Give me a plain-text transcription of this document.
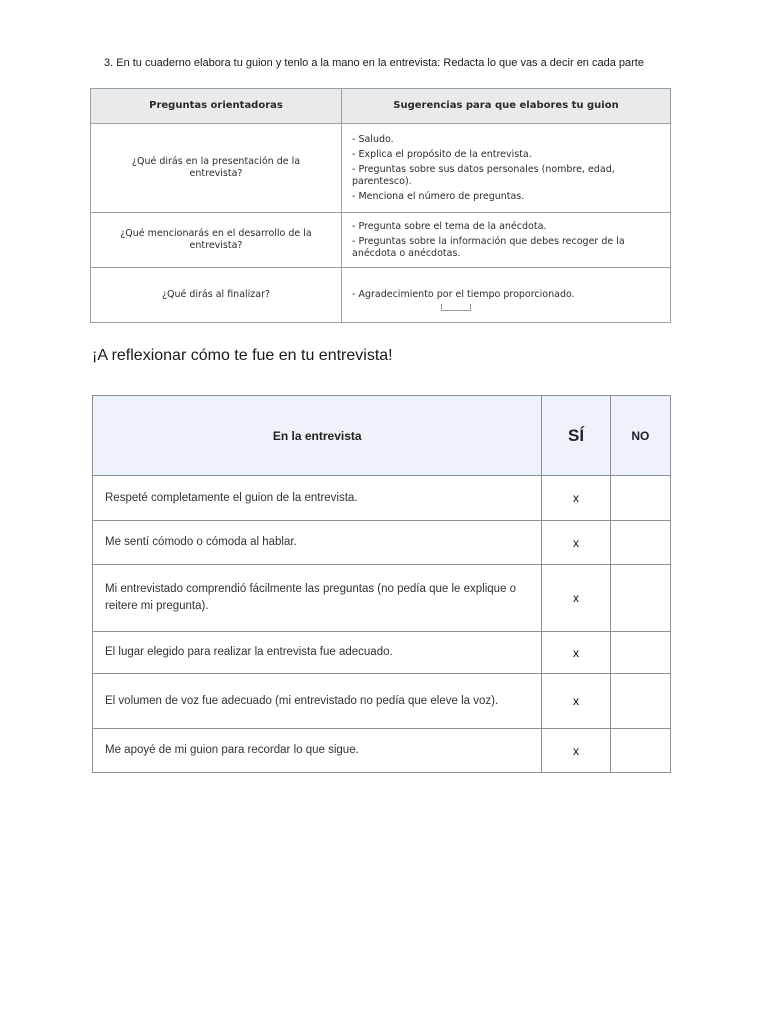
3. En tu cuaderno elabora tu guion y tenlo a la mano en la entrevista: Redacta lo que vas a decir en cada parte
Preguntas orientadoras	Sugerencias para que elabores tu guion
¿Qué dirás en la presentación de la entrevista?	- Saludo.
- Explica el propósito de la entrevista.
- Preguntas sobre sus datos personales (nombre, edad, parentesco).
- Menciona el número de preguntas.

¿Qué mencionarás en el desarrollo de la entrevista?	- Pregunta sobre el tema de la anécdota.
- Preguntas sobre la información que debes recoger de la anécdota o anécdotas.

¿Qué dirás al finalizar?	- Agradecimiento por el tiempo proporcionado.
¡A reflexionar cómo te fue en tu entrevista!
En la entrevista	SÍ	NO
Respeté completamente el guion de la entrevista.	x	
Me sentí cómodo o cómoda al hablar.	x	
Mi entrevistado comprendió fácilmente las preguntas (no pedía que le explique o reitere mi pregunta).	x	
El lugar elegido para realizar la entrevista fue adecuado.	x	
El volumen de voz fue adecuado (mi entrevistado no pedía que eleve la voz).	x	
Me apoyé de mi guion para recordar lo que sigue.	x	
